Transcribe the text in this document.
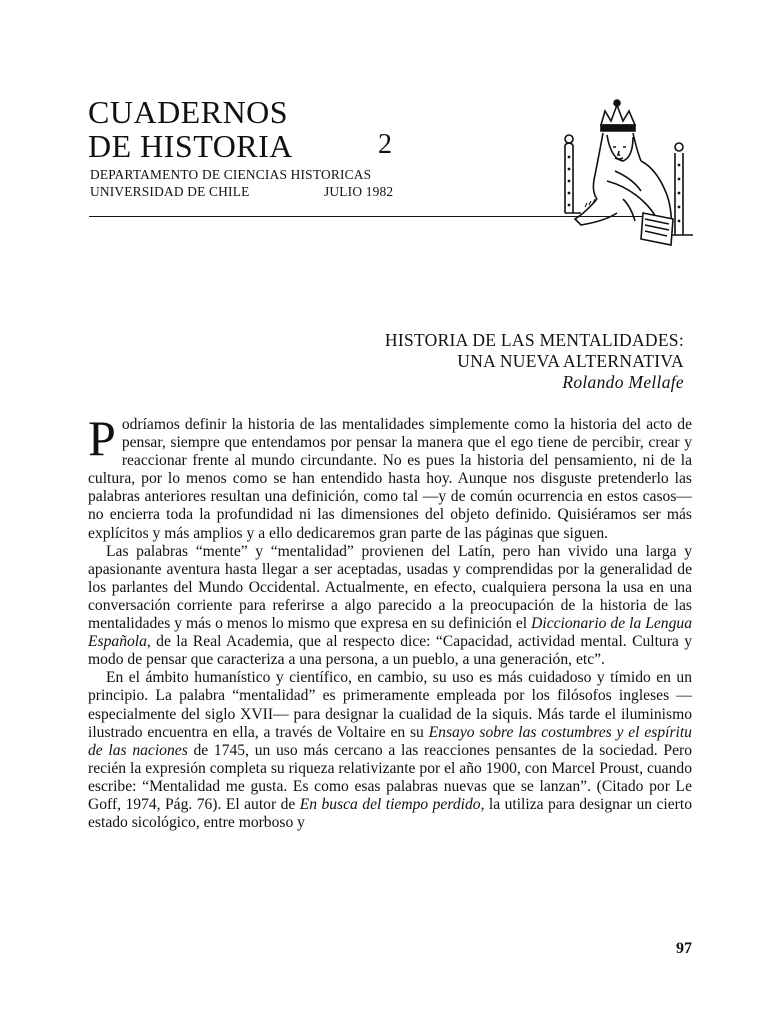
CUADERNOS
DE HISTORIA	2
DEPARTAMENTO DE CIENCIAS HISTORICAS
UNIVERSIDAD DE CHILE	JULIO 1982
HISTORIA DE LAS MENTALIDADES:
UNA NUEVA ALTERNATIVA
Rolando Mellafe

Podríamos definir la historia de las mentalidades simplemente como la historia del acto de pensar, siempre que entendamos por pensar la manera que el ego tiene de percibir, crear y reaccionar frente al mundo circundante. No es pues la historia del pensamiento, ni de la cultura, por lo menos como se han entendido hasta hoy. Aunque nos disguste pretenderlo las palabras anteriores resultan una definición, como tal —y de común ocurrencia en estos casos— no encierra toda la profundidad ni las dimensiones del objeto definido. Quisiéramos ser más explícitos y más amplios y a ello dedicaremos gran parte de las páginas que siguen.

Las palabras “mente” y “mentalidad” provienen del Latín, pero han vivido una larga y apasionante aventura hasta llegar a ser aceptadas, usadas y comprendidas por la generalidad de los parlantes del Mundo Occidental. Actualmente, en efecto, cualquiera persona la usa en una conversación corriente para referirse a algo parecido a la preocupación de la historia de las mentalidades y más o menos lo mismo que expresa en su definición el Diccionario de la Lengua Española, de la Real Academia, que al respecto dice: “Capacidad, actividad mental. Cultura y modo de pensar que caracteriza a una persona, a un pueblo, a una generación, etc”.

En el ámbito humanístico y científico, en cambio, su uso es más cuidadoso y tímido en un principio. La palabra “mentalidad” es primeramente empleada por los filósofos ingleses —especialmente del siglo XVII— para designar la cualidad de la siquis. Más tarde el iluminismo ilustrado encuentra en ella, a través de Voltaire en su Ensayo sobre las costumbres y el espíritu de las naciones de 1745, un uso más cercano a las reacciones pensantes de la sociedad. Pero recién la expresión completa su riqueza relativizante por el año 1900, con Marcel Proust, cuando escribe: “Mentalidad me gusta. Es como esas palabras nuevas que se lanzan”. (Citado por Le Goff, 1974, Pág. 76). El autor de En busca del tiempo perdido, la utiliza para designar un cierto estado sicológico, entre morboso y

97
